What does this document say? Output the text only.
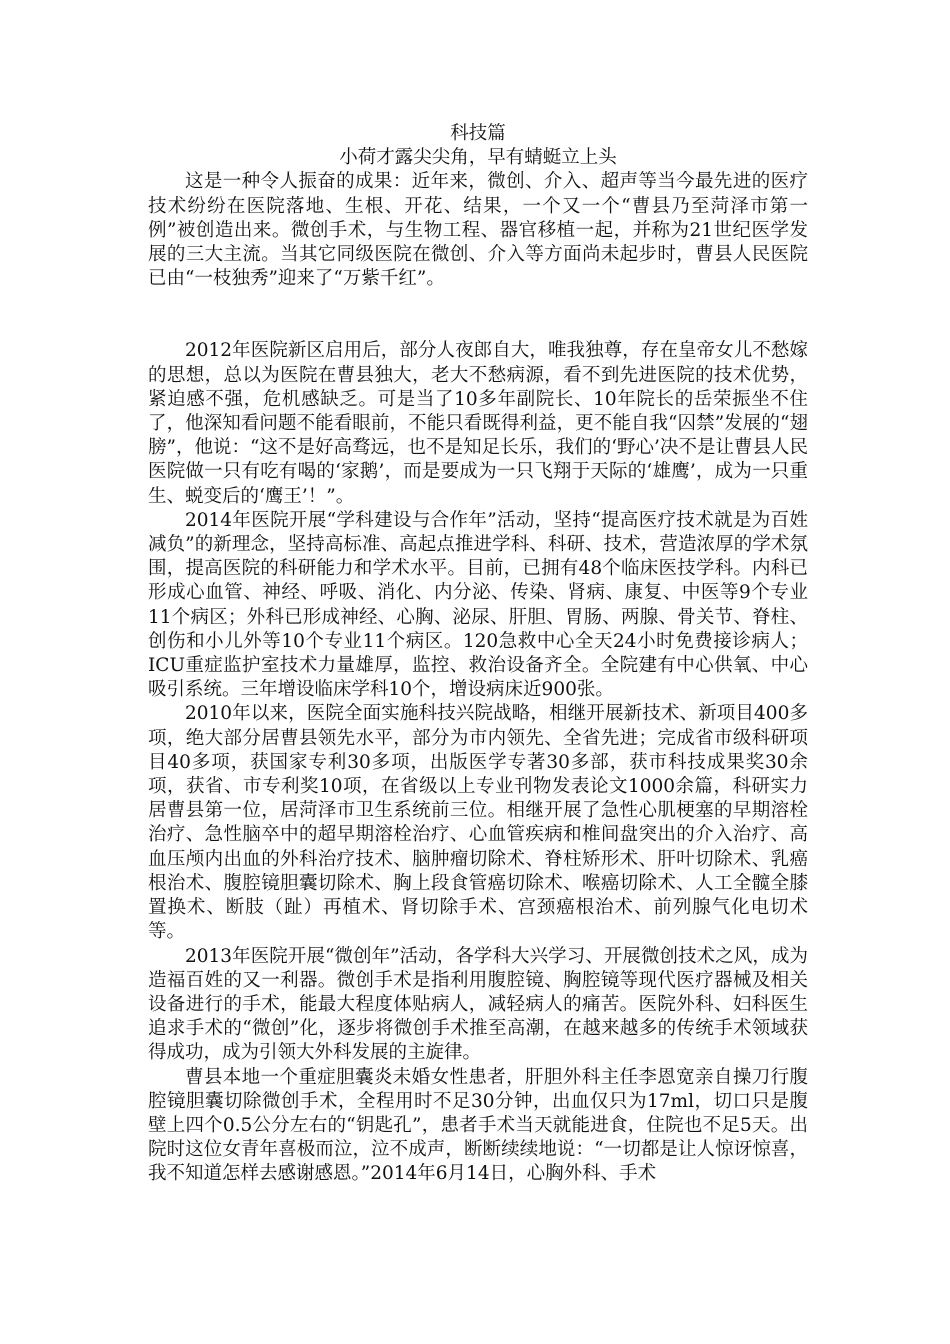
科技篇
小荷才露尖尖角，早有蜻蜓立上头

这是一种令人振奋的成果：近年来，微创、介入、超声等当今最先进的医疗技术纷纷在医院落地、生根、开花、结果，一个又一个“曹县乃至菏泽市第一例”被创造出来。微创手术，与生物工程、器官移植一起，并称为21世纪医学发展的三大主流。当其它同级医院在微创、介入等方面尚未起步时，曹县人民医院已由“一枝独秀”迎来了“万紫千红”。

2012年医院新区启用后，部分人夜郎自大，唯我独尊，存在皇帝女儿不愁嫁的思想，总以为医院在曹县独大，老大不愁病源，看不到先进医院的技术优势，紧迫感不强，危机感缺乏。可是当了10多年副院长、10年院长的岳荣振坐不住了，他深知看问题不能看眼前，不能只看既得利益，更不能自我“囚禁”发展的“翅膀”，他说：“这不是好高骛远，也不是知足长乐，我们的‘野心’决不是让曹县人民医院做一只有吃有喝的‘家鹅’，而是要成为一只飞翔于天际的‘雄鹰’，成为一只重生、蜕变后的‘鹰王’！”。

2014年医院开展“学科建设与合作年”活动，坚持“提高医疗技术就是为百姓减负”的新理念，坚持高标准、高起点推进学科、科研、技术，营造浓厚的学术氛围，提高医院的科研能力和学术水平。目前，已拥有48个临床医技学科。内科已形成心血管、神经、呼吸、消化、内分泌、传染、肾病、康复、中医等9个专业11个病区；外科已形成神经、心胸、泌尿、肝胆、胃肠、两腺、骨关节、脊柱、创伤和小儿外等10个专业11个病区。120急救中心全天24小时免费接诊病人；ICU重症监护室技术力量雄厚，监控、救治设备齐全。全院建有中心供氧、中心吸引系统。三年增设临床学科10个，增设病床近900张。

2010年以来，医院全面实施科技兴院战略，相继开展新技术、新项目400多项，绝大部分居曹县领先水平，部分为市内领先、全省先进；完成省市级科研项目40多项，获国家专利30多项，出版医学专著30多部，获市科技成果奖30余项，获省、市专利奖10项，在省级以上专业刊物发表论文1000余篇，科研实力居曹县第一位，居菏泽市卫生系统前三位。相继开展了急性心肌梗塞的早期溶栓治疗、急性脑卒中的超早期溶栓治疗、心血管疾病和椎间盘突出的介入治疗、高血压颅内出血的外科治疗技术、脑肿瘤切除术、脊柱矫形术、肝叶切除术、乳癌根治术、腹腔镜胆囊切除术、胸上段食管癌切除术、喉癌切除术、人工全髋全膝置换术、断肢（趾）再植术、肾切除手术、宫颈癌根治术、前列腺气化电切术等。

2013年医院开展“微创年”活动，各学科大兴学习、开展微创技术之风，成为造福百姓的又一利器。微创手术是指利用腹腔镜、胸腔镜等现代医疗器械及相关设备进行的手术，能最大程度体贴病人，减轻病人的痛苦。医院外科、妇科医生追求手术的“微创”化，逐步将微创手术推至高潮，在越来越多的传统手术领域获得成功，成为引领大外科发展的主旋律。

曹县本地一个重症胆囊炎未婚女性患者，肝胆外科主任李恩宽亲自操刀行腹腔镜胆囊切除微创手术，全程用时不足30分钟，出血仅只为17ml，切口只是腹壁上四个0.5公分左右的“钥匙孔”，患者手术当天就能进食，住院也不足5天。出院时这位女青年喜极而泣，泣不成声，断断续续地说：“一切都是让人惊讶惊喜，我不知道怎样去感谢感恩。”2014年6月14日，心胸外科、手术
